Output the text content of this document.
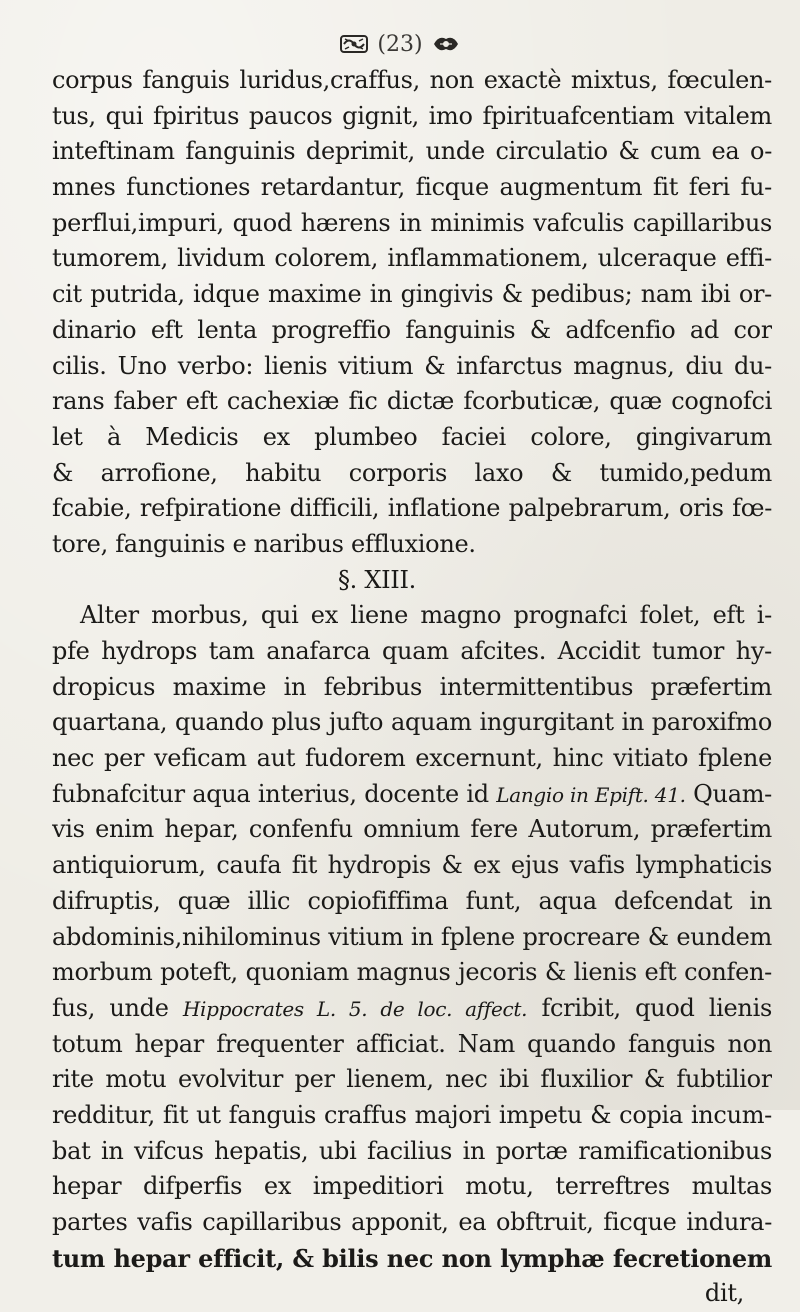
(23)
corpus fanguis luridus,craffus, non exactè mixtus, fœculen-
tus, qui fpiritus paucos gignit, imo fpirituafcentiam vitalem
inteftinam fanguinis deprimit, unde circulatio & cum ea o-
mnes functiones retardantur, ficque augmentum fit feri fu-
perflui,impuri, quod hærens in minimis vafculis capillaribus
tumorem, lividum colorem, inflammationem, ulceraque effi-
cit putrida, idque maxime in gingivis & pedibus; nam ibi or-
dinario eft lenta progreffio fanguinis & adfcenfio ad cor
cilis. Uno verbo: lienis vitium & infarctus magnus, diu du-
rans faber eft cachexiæ fic dictæ fcorbuticæ, quæ cognofci
let à Medicis ex plumbeo faciei colore, gingivarum
& arrofione, habitu corporis laxo & tumido,pedum
fcabie, refpiratione difficili, inflatione palpebrarum, oris fœ-
tore, fanguinis e naribus effluxione.
§. XIII.
Alter morbus, qui ex liene magno prognafci folet, eft i-
pfe hydrops tam anafarca quam afcites. Accidit tumor hy-
dropicus maxime in febribus intermittentibus præfertim
quartana, quando plus jufto aquam ingurgitant in paroxifmo
nec per veficam aut fudorem excernunt, hinc vitiato fplene
fubnafcitur aqua interius, docente id Langio in Epift. 41. Quam-
vis enim hepar, confenfu omnium fere Autorum, præfertim
antiquiorum, caufa fit hydropis & ex ejus vafis lymphaticis
difruptis, quæ illic copiofiffima funt, aqua defcendat in
abdominis,nihilominus vitium in fplene procreare & eundem
morbum poteft, quoniam magnus jecoris & lienis eft confen-
fus, unde Hippocrates L. 5. de loc. affect. fcribit, quod lienis
totum hepar frequenter afficiat. Nam quando fanguis non
rite motu evolvitur per lienem, nec ibi fluxilior & fubtilior
redditur, fit ut fanguis craffus majori impetu & copia incum-
bat in vifcus hepatis, ubi facilius in portæ ramificationibus
hepar difperfis ex impeditiori motu, terreftres multas
partes vafis capillaribus apponit, ea obftruit, ficque indura-
tum hepar efficit, & bilis nec non lymphæ fecretionem
dit,
